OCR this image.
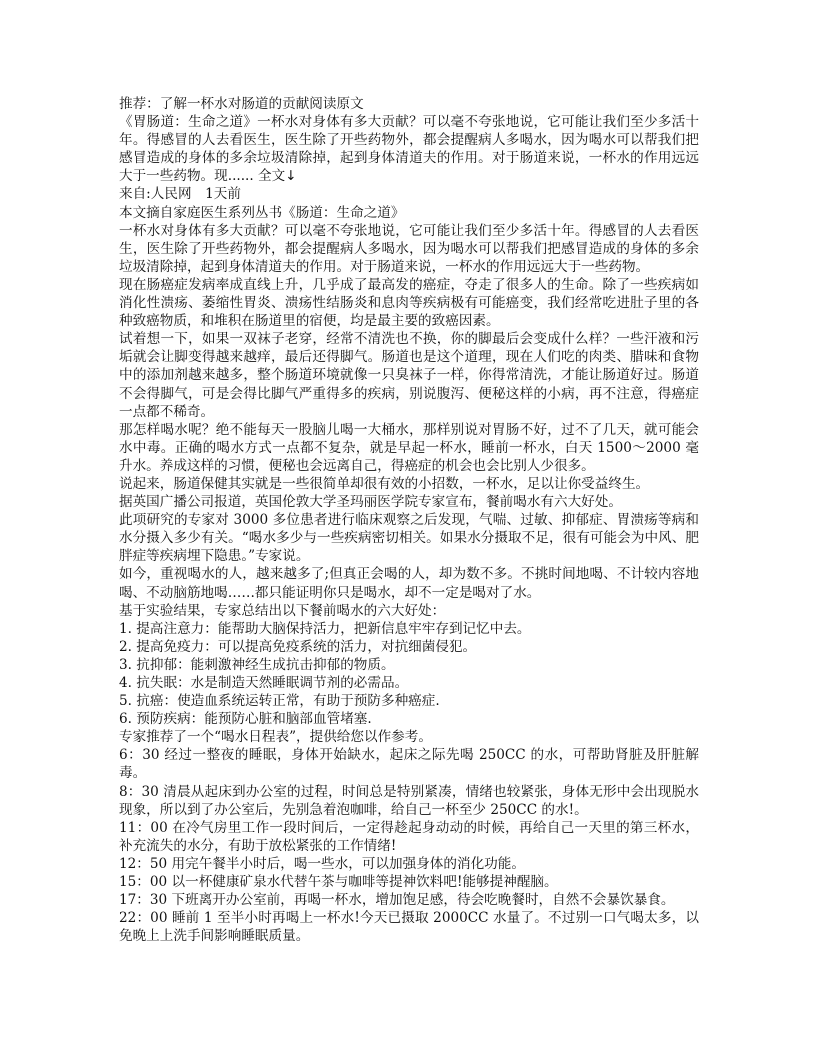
推荐：了解一杯水对肠道的贡献阅读原文

《胃肠道：生命之道》一杯水对身体有多大贡献？可以毫不夸张地说，它可能让我们至少多活十年。得感冒的人去看医生，医生除了开些药物外，都会提醒病人多喝水，因为喝水可以帮我们把感冒造成的身体的多余垃圾清除掉，起到身体清道夫的作用。对于肠道来说，一杯水的作用远远大于一些药物。现...... 全文↓

来自:人民网　1天前

本文摘自家庭医生系列丛书《肠道：生命之道》

一杯水对身体有多大贡献？可以毫不夸张地说，它可能让我们至少多活十年。得感冒的人去看医生，医生除了开些药物外，都会提醒病人多喝水，因为喝水可以帮我们把感冒造成的身体的多余垃圾清除掉，起到身体清道夫的作用。对于肠道来说，一杯水的作用远远大于一些药物。

现在肠癌症发病率成直线上升，几乎成了最高发的癌症，夺走了很多人的生命。除了一些疾病如消化性溃疡、萎缩性胃炎、溃疡性结肠炎和息肉等疾病极有可能癌变，我们经常吃进肚子里的各种致癌物质，和堆积在肠道里的宿便，均是最主要的致癌因素。

试着想一下，如果一双袜子老穿，经常不清洗也不换，你的脚最后会变成什么样？一些汗液和污垢就会让脚变得越来越痒，最后还得脚气。肠道也是这个道理，现在人们吃的肉类、腊味和食物中的添加剂越来越多，整个肠道环境就像一只臭袜子一样，你得常清洗，才能让肠道好过。肠道不会得脚气，可是会得比脚气严重得多的疾病，别说腹泻、便秘这样的小病，再不注意，得癌症一点都不稀奇。

那怎样喝水呢？绝不能每天一股脑儿喝一大桶水，那样别说对胃肠不好，过不了几天，就可能会水中毒。正确的喝水方式一点都不复杂，就是早起一杯水，睡前一杯水，白天 1500～2000 毫升水。养成这样的习惯，便秘也会远离自己，得癌症的机会也会比别人少很多。

说起来，肠道保健其实就是一些很简单却很有效的小招数，一杯水，足以让你受益终生。

据英国广播公司报道，英国伦敦大学圣玛丽医学院专家宣布，餐前喝水有六大好处。

此项研究的专家对 3000 多位患者进行临床观察之后发现，气喘、过敏、抑郁症、胃溃疡等病和水分摄入多少有关。“喝水多少与一些疾病密切相关。如果水分摄取不足，很有可能会为中风、肥胖症等疾病埋下隐患。”专家说。

如今，重视喝水的人，越来越多了;但真正会喝的人，却为数不多。不挑时间地喝、不计较内容地喝、不动脑筋地喝……都只能证明你只是喝水，却不一定是喝对了水。

基于实验结果，专家总结出以下餐前喝水的六大好处：

1. 提高注意力：能帮助大脑保持活力，把新信息牢牢存到记忆中去。

2. 提高免疫力：可以提高免疫系统的活力，对抗细菌侵犯。

3. 抗抑郁：能刺激神经生成抗击抑郁的物质。

4. 抗失眠：水是制造天然睡眠调节剂的必需品。

5. 抗癌：使造血系统运转正常，有助于预防多种癌症.

6. 预防疾病：能预防心脏和脑部血管堵塞.

专家推荐了一个“喝水日程表”，提供给您以作参考。

6：30 经过一整夜的睡眠，身体开始缺水，起床之际先喝 250CC 的水，可帮助肾脏及肝脏解毒。

8：30 清晨从起床到办公室的过程，时间总是特别紧凑，情绪也较紧张，身体无形中会出现脱水现象，所以到了办公室后，先别急着泡咖啡，给自己一杯至少 250CC 的水!。

11：00 在冷气房里工作一段时间后，一定得趁起身动动的时候，再给自己一天里的第三杯水，补充流失的水分，有助于放松紧张的工作情绪!

12：50 用完午餐半小时后，喝一些水，可以加强身体的消化功能。

15：00 以一杯健康矿泉水代替午茶与咖啡等提神饮料吧!能够提神醒脑。

17：30 下班离开办公室前，再喝一杯水，增加饱足感，待会吃晚餐时，自然不会暴饮暴食。

22：00 睡前 1 至半小时再喝上一杯水!今天已摄取 2000CC 水量了。不过别一口气喝太多，以免晚上上洗手间影响睡眠质量。
